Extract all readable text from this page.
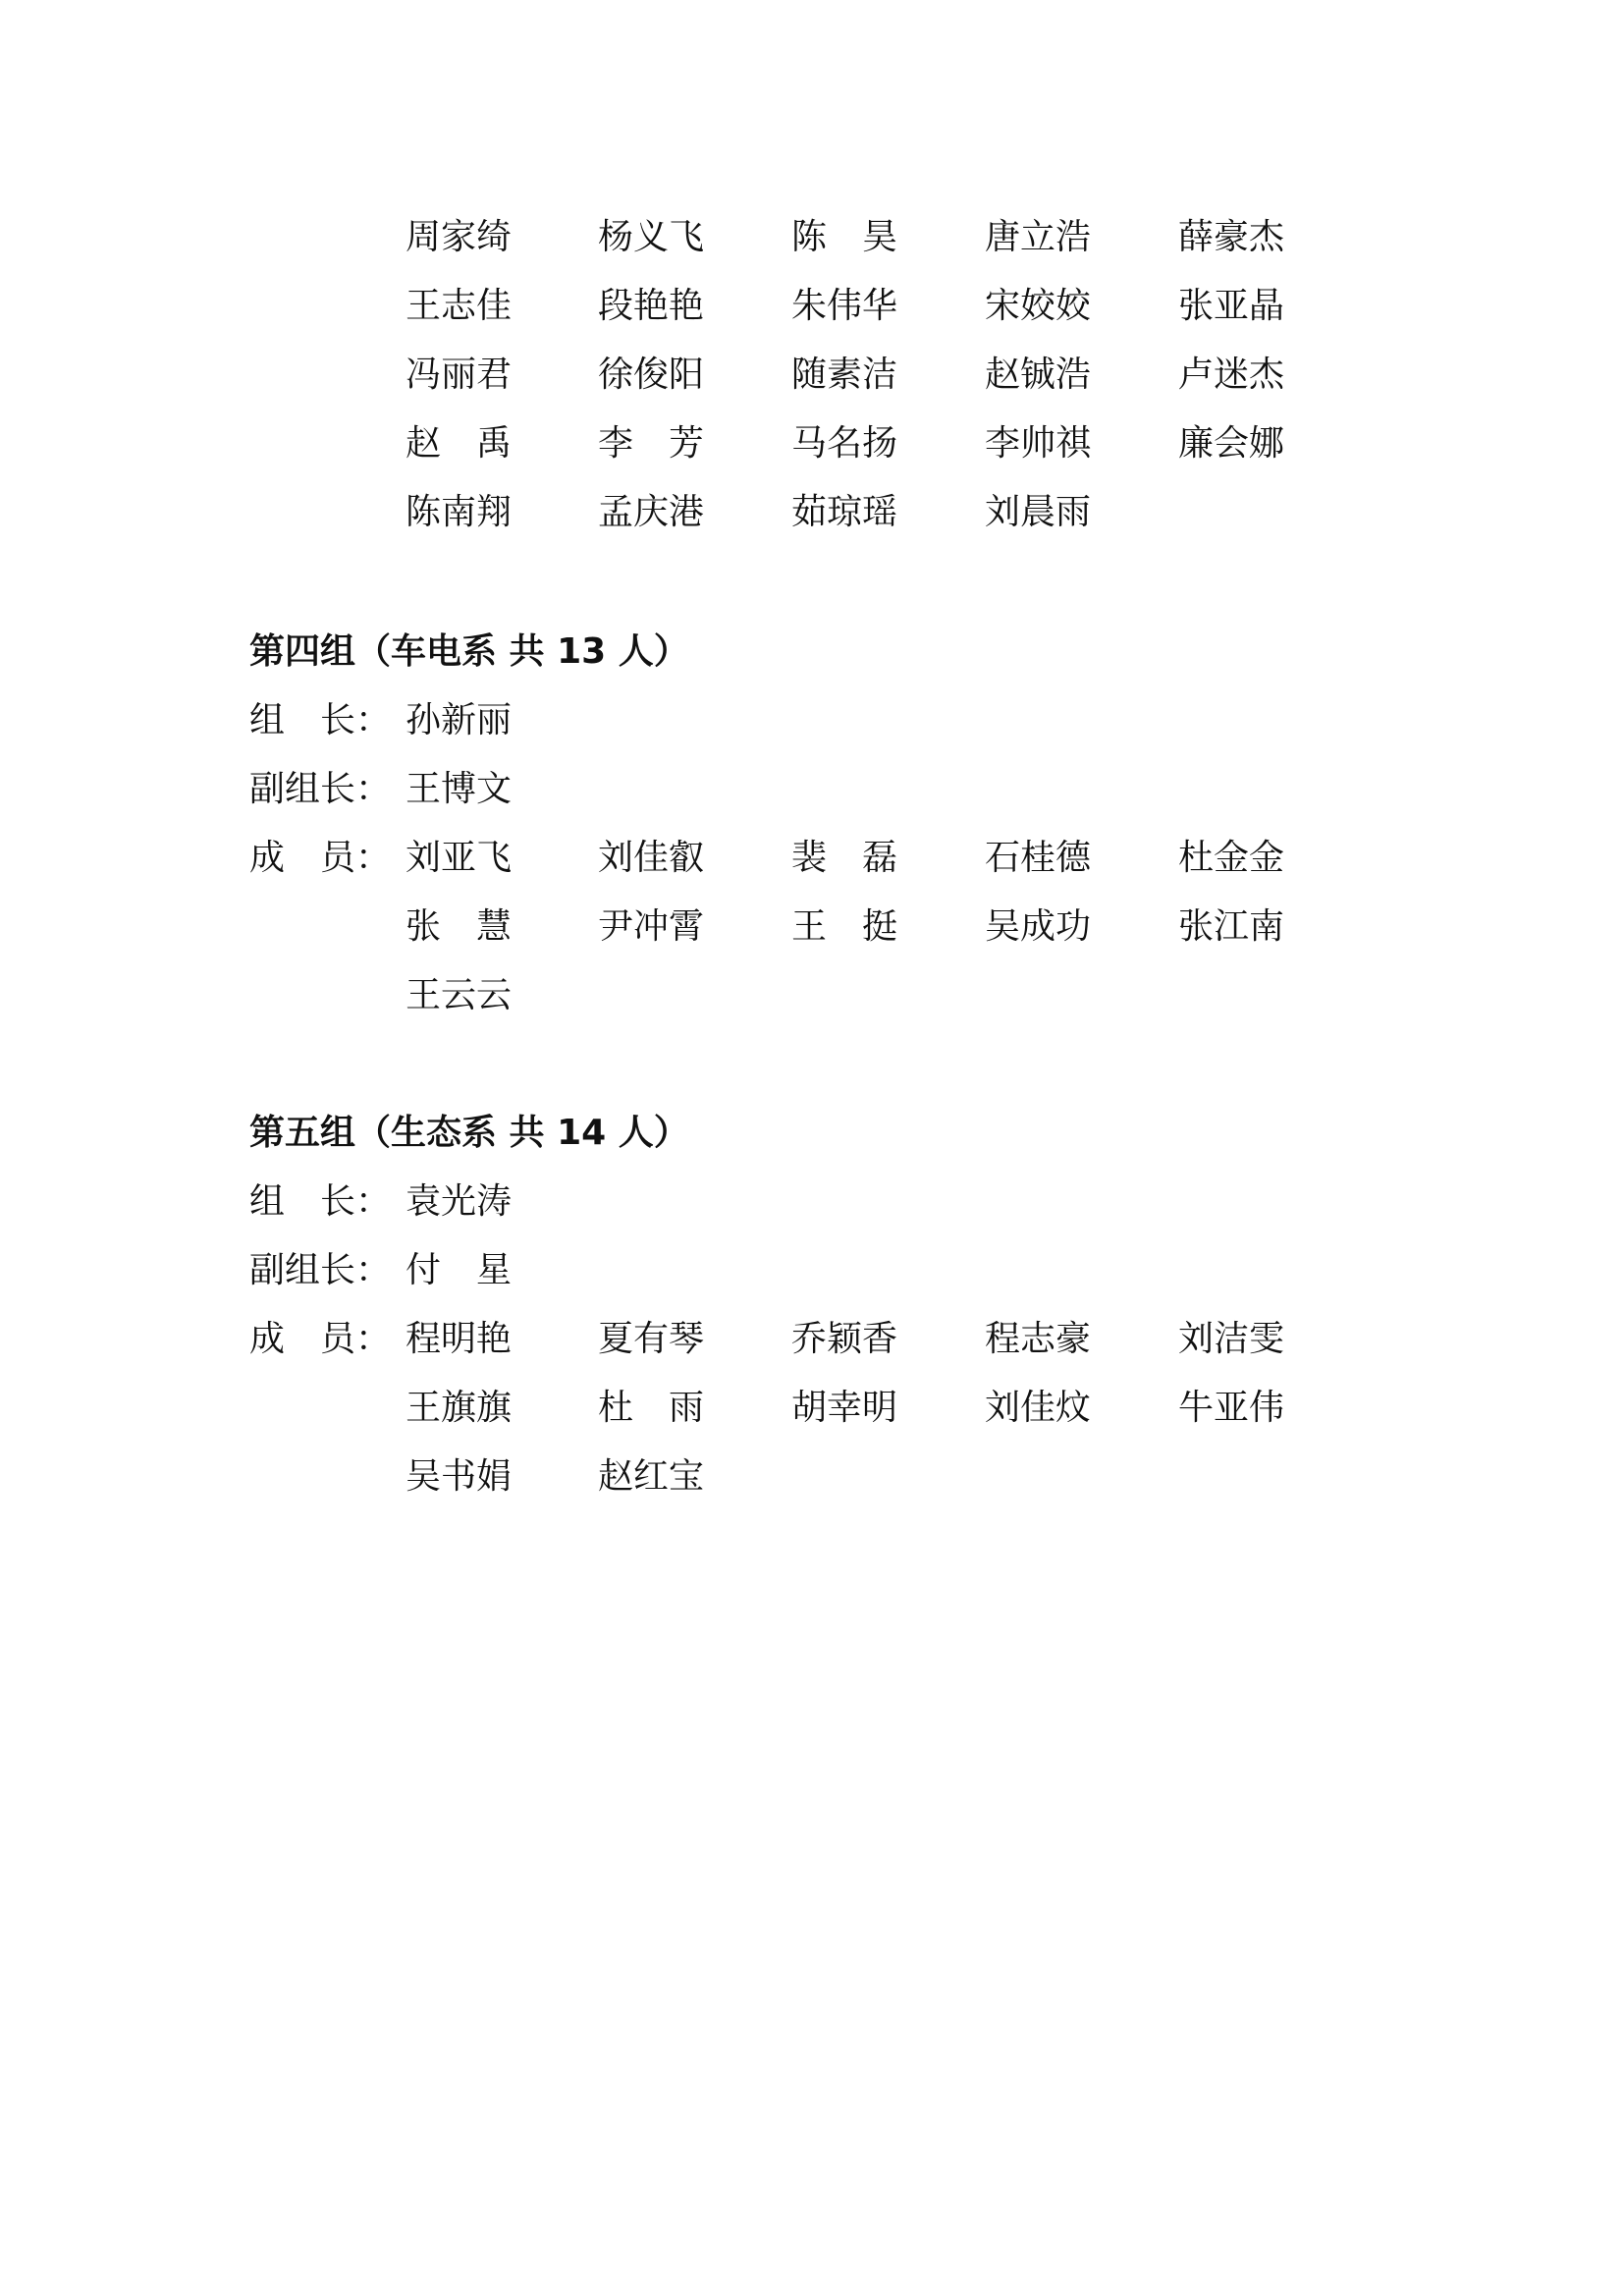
周家绮 杨义飞 陈　昊 唐立浩 薛豪杰
王志佳 段艳艳 朱伟华 宋姣姣 张亚晶
冯丽君 徐俊阳 随素洁 赵铖浩 卢迷杰
赵　禹 李　芳 马名扬 李帅祺 廉会娜
陈南翔 孟庆港 茹琼瑶 刘晨雨
第四组（车电系 共 13 人）
组　长： 孙新丽
副组长： 王博文
成　员： 刘亚飞 刘佳叡 裴　磊 石桂德 杜金金
张　慧 尹冲霄 王　挺 吴成功 张江南
王云云
第五组（生态系 共 14 人）
组　长： 袁光涛
副组长： 付　星
成　员： 程明艳 夏有琴 乔颖香 程志豪 刘洁雯
王旗旗 杜　雨 胡幸明 刘佳炆 牛亚伟
吴书娟 赵红宝
